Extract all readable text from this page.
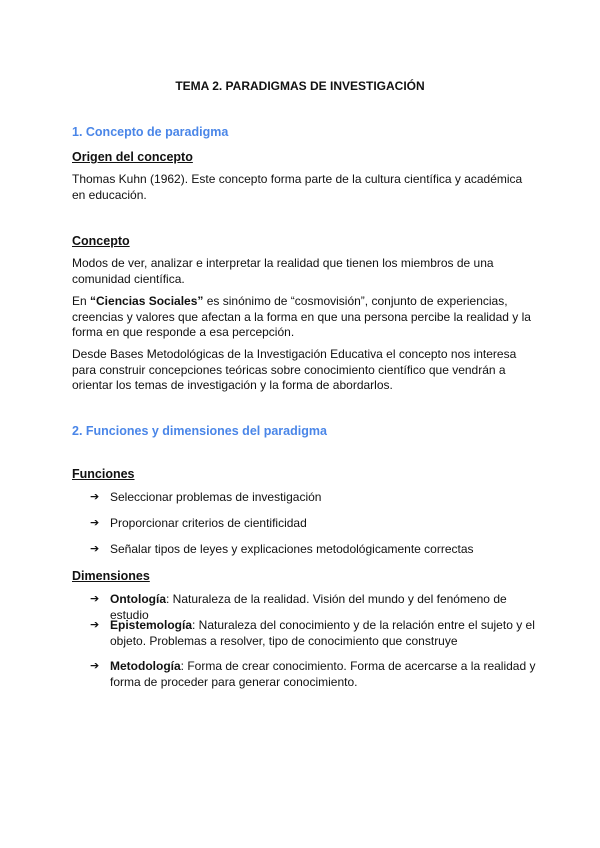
TEMA 2. PARADIGMAS DE INVESTIGACIÓN
1. Concepto de paradigma
Origen del concepto
Thomas Kuhn (1962). Este concepto forma parte de la cultura científica y académica en educación.
Concepto
Modos de ver, analizar e interpretar la realidad que tienen los miembros de una comunidad científica.
En “Ciencias Sociales” es sinónimo de “cosmovisión”, conjunto de experiencias, creencias y valores que afectan a la forma en que una persona percibe la realidad y la forma en que responde a esa percepción.
Desde Bases Metodológicas de la Investigación Educativa el concepto nos interesa para construir concepciones teóricas sobre conocimiento científico que vendrán a orientar los temas de investigación y la forma de abordarlos.
2. Funciones y dimensiones del paradigma
Funciones
➔ Seleccionar problemas de investigación
➔ Proporcionar criterios de cientificidad
➔ Señalar tipos de leyes y explicaciones metodológicamente correctas
Dimensiones
➔ Ontología: Naturaleza de la realidad. Visión del mundo y del fenómeno de estudio
➔ Epistemología: Naturaleza del conocimiento y de la relación entre el sujeto y el objeto. Problemas a resolver, tipo de conocimiento que construye
➔ Metodología: Forma de crear conocimiento. Forma de acercarse a la realidad y forma de proceder para generar conocimiento.
